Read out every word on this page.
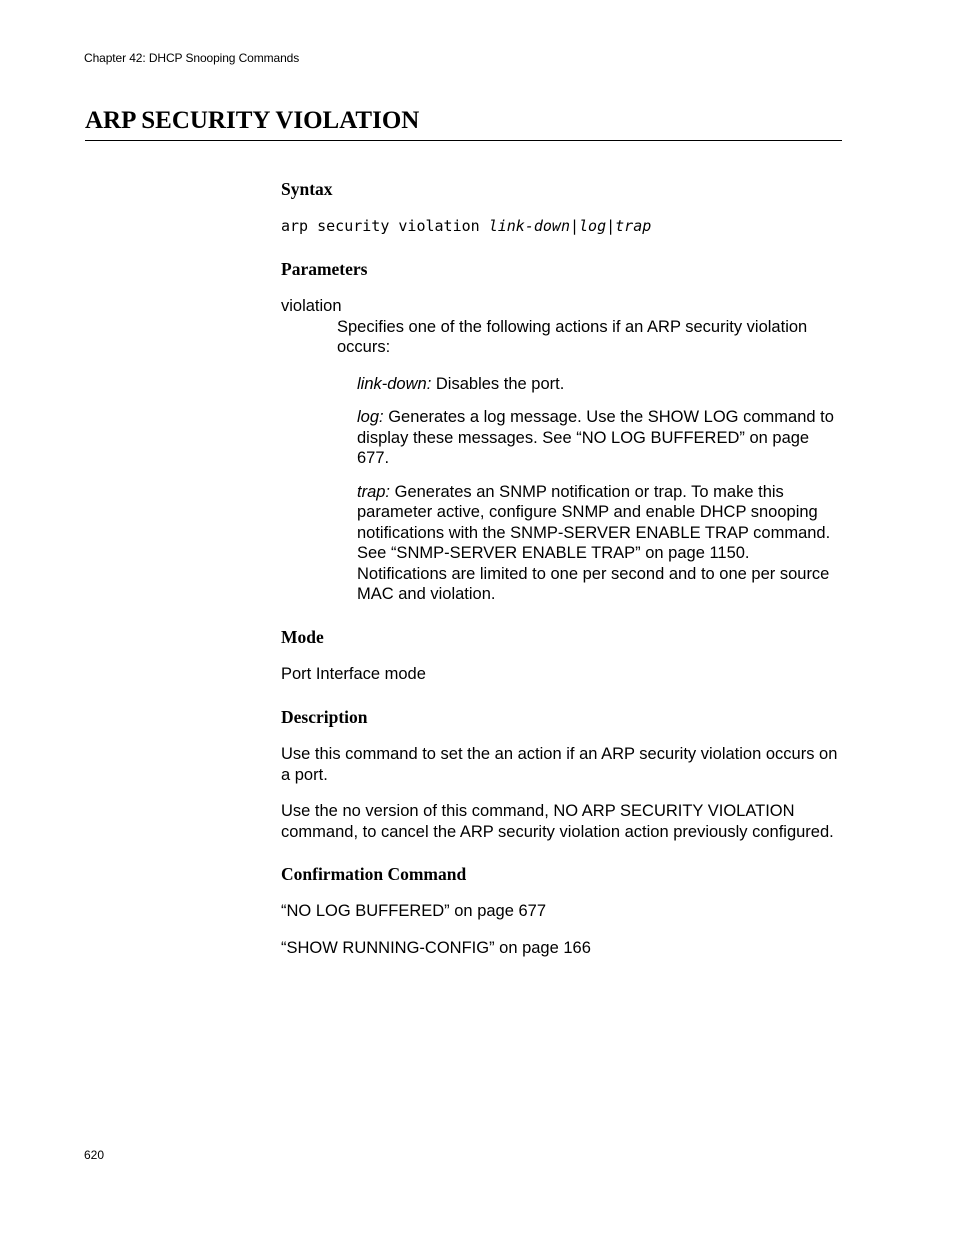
Chapter 42: DHCP Snooping Commands
ARP SECURITY VIOLATION
Syntax

arp security violation link-down|log|trap

Parameters

violation

Specifies one of the following actions if an ARP security violation occurs:

link-down: Disables the port.

log: Generates a log message. Use the SHOW LOG command to display these messages. See “NO LOG BUFFERED” on page 677.

trap: Generates an SNMP notification or trap. To make this parameter active, configure SNMP and enable DHCP snooping notifications with the SNMP-SERVER ENABLE TRAP command. See “SNMP-SERVER ENABLE TRAP” on page 1150. Notifications are limited to one per second and to one per source MAC and violation.

Mode

Port Interface mode

Description

Use this command to set the an action if an ARP security violation occurs on a port.

Use the no version of this command, NO ARP SECURITY VIOLATION command, to cancel the ARP security violation action previously configured.

Confirmation Command

“NO LOG BUFFERED” on page 677

“SHOW RUNNING-CONFIG” on page 166

620
